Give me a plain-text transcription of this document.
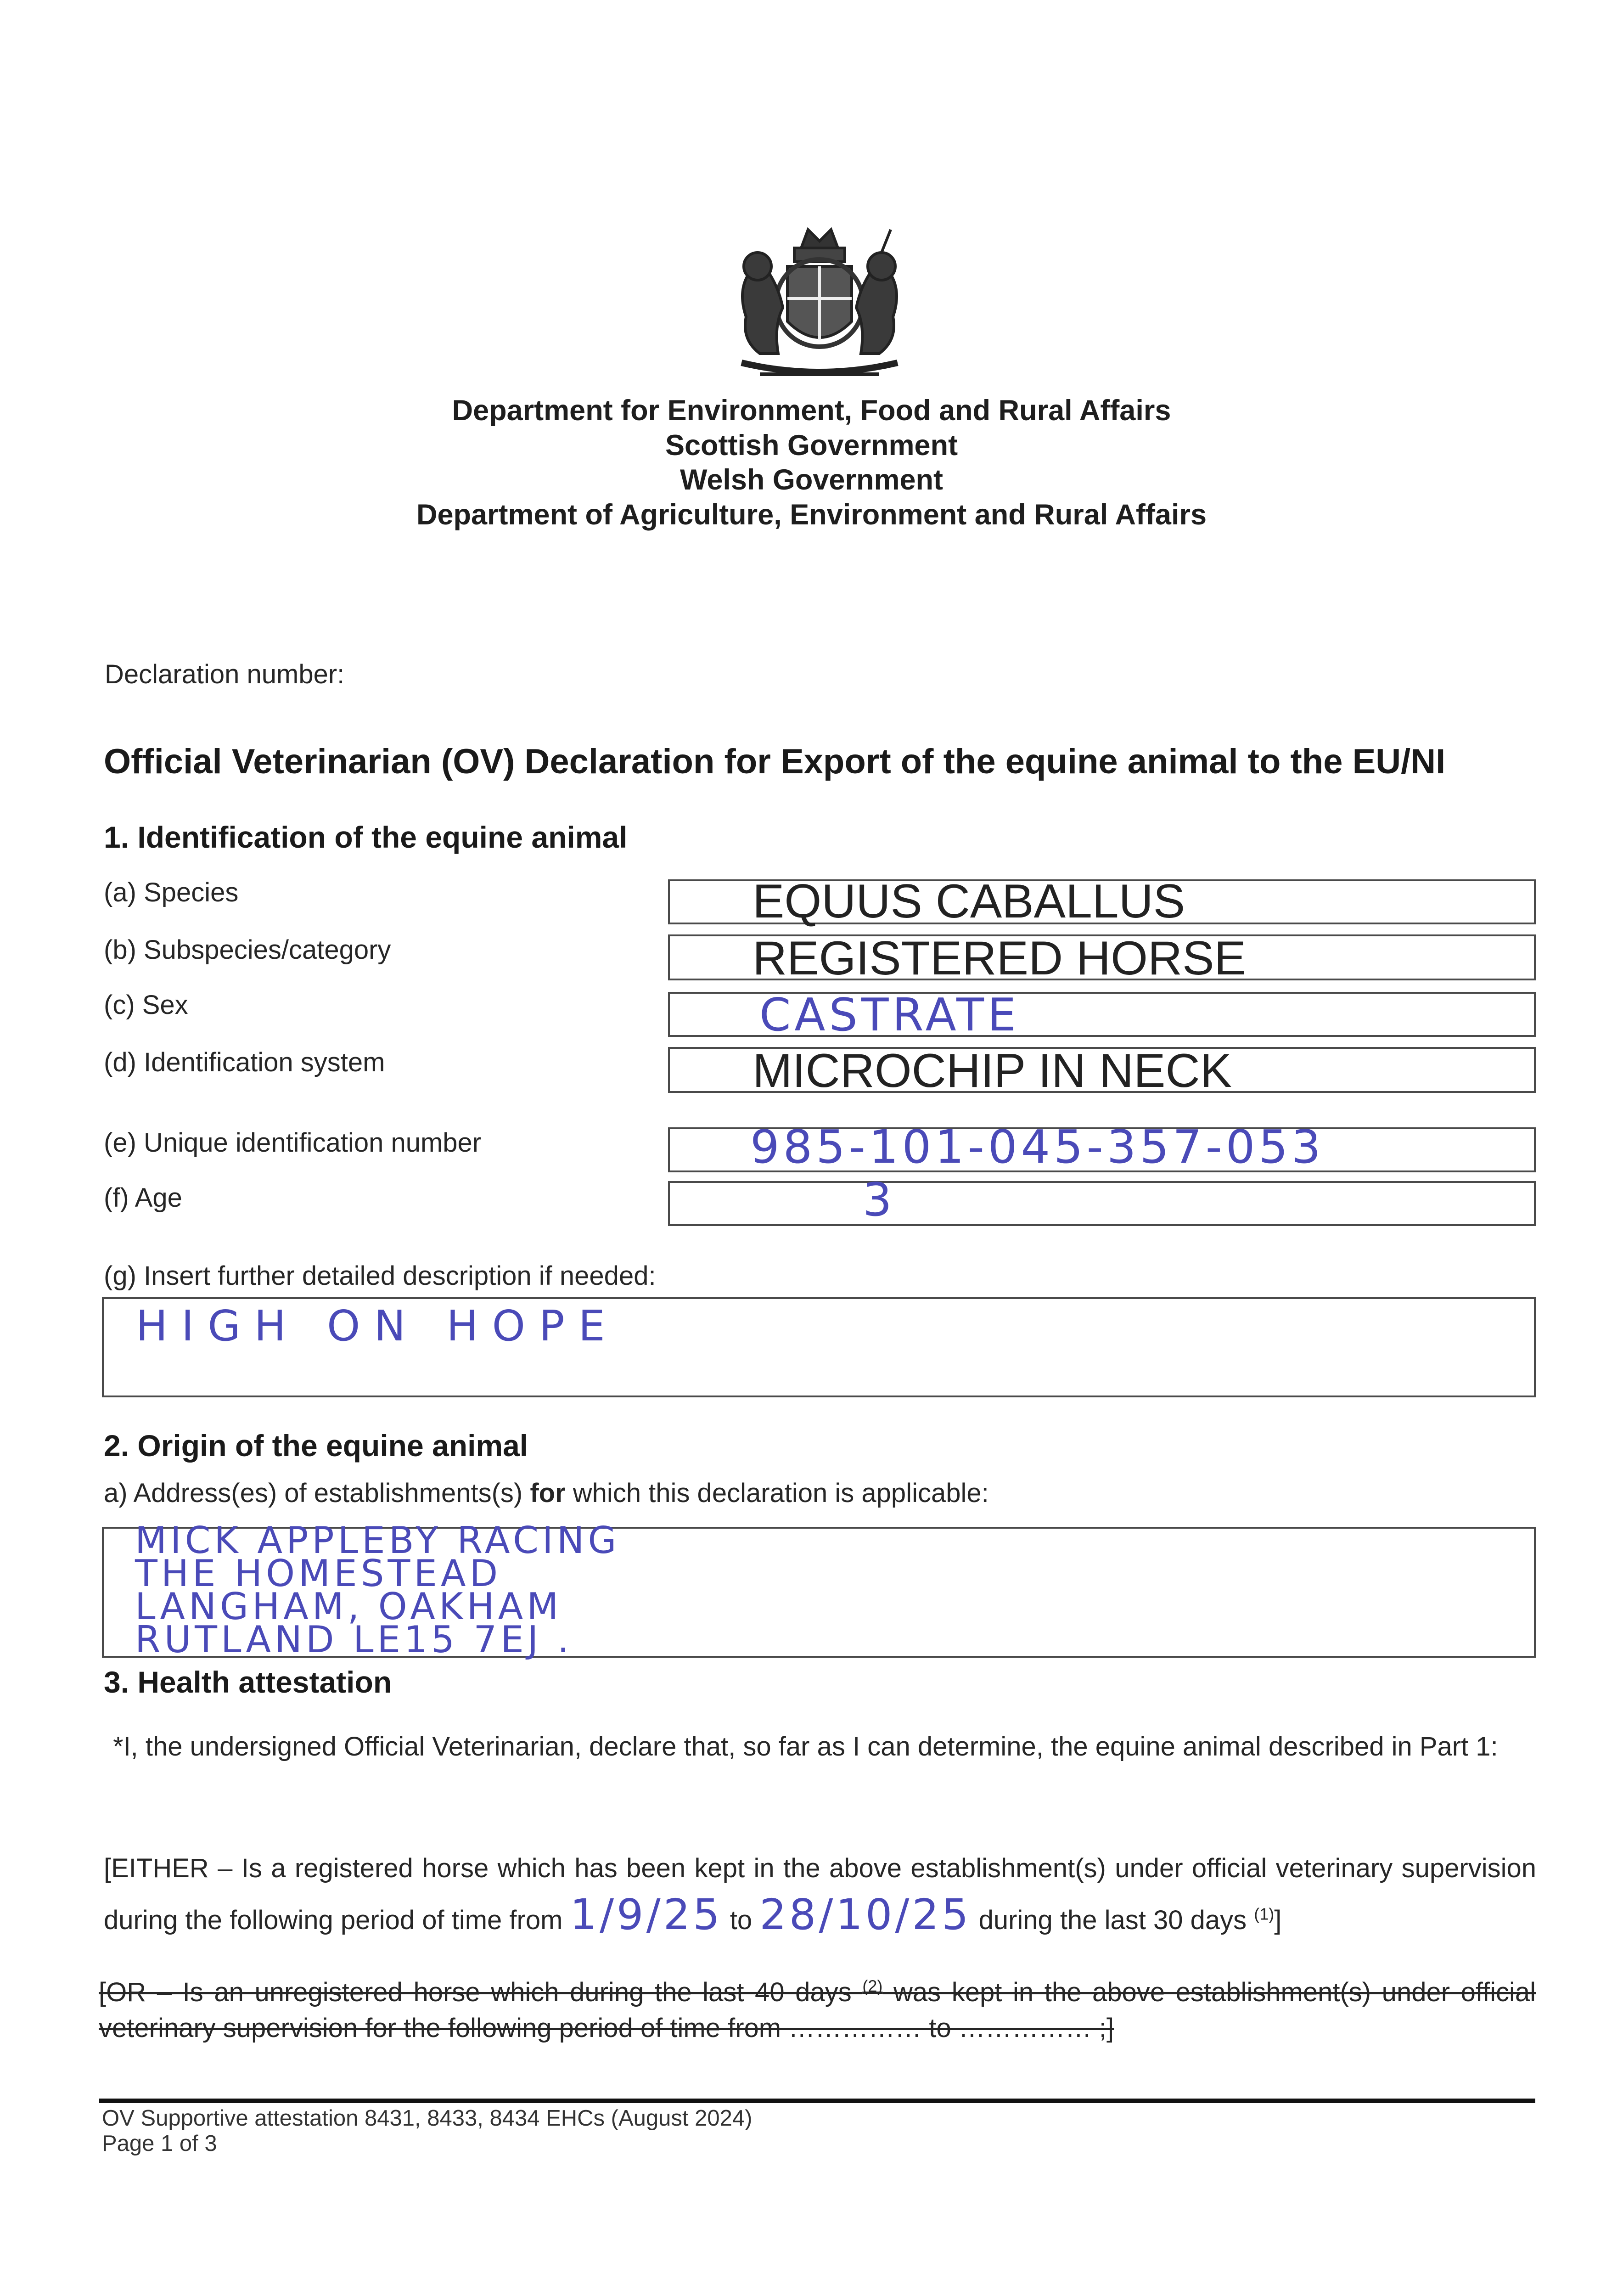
Department for Environment, Food and Rural Affairs
Scottish Government
Welsh Government
Department of Agriculture, Environment and Rural Affairs
Declaration number:
Official Veterinarian (OV) Declaration for Export of the equine animal to the EU/NI
1. Identification of the equine animal
(a) Species	EQUUS CABALLUS
(b) Subspecies/category	REGISTERED HORSE
(c) Sex	CASTRATE
(d) Identification system	MICROCHIP IN NECK
(e) Unique identification number	985-101-045-357-053
(f) Age	3
(g) Insert further detailed description if needed:
HIGH ON HOPE
2. Origin of the equine animal
a) Address(es) of establishments(s) for which this declaration is applicable:
MICK APPLEBY RACING
THE HOMESTEAD
LANGHAM, OAKHAM
RUTLAND LE15 7EJ .
3. Health attestation
*I, the undersigned Official Veterinarian, declare that, so far as I can determine, the equine animal described in Part 1:
[EITHER – Is a registered horse which has been kept in the above establishment(s) under official veterinary supervision during the following period of time from 1/9/25 to 28/10/25 during the last 30 days $^{(1)}$]
[OR – Is an unregistered horse which during the last 40 days $^{(2)}$ was kept in the above establishment(s) under official veterinary supervision for the following period of time from …………… to …………… ;]
OV Supportive attestation 8431, 8433, 8434 EHCs (August 2024)
Page 1 of 3
